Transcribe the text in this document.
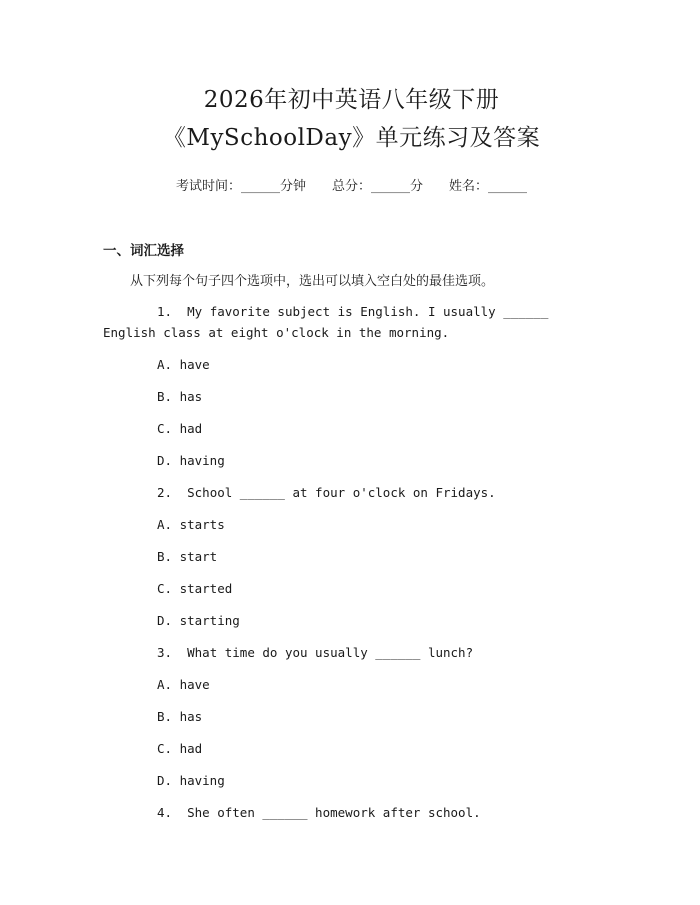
2026年初中英语八年级下册
《MySchoolDay》单元练习及答案
考试时间：______分钟 总分：______分 姓名：______
一、词汇选择
从下列每个句子四个选项中，选出可以填入空白处的最佳选项。
1. My favorite subject is English. I usually ______ English class at eight o'clock in the morning.
A. have
B. has
C. had
D. having
2. School ______ at four o'clock on Fridays.
A. starts
B. start
C. started
D. starting
3. What time do you usually ______ lunch?
A. have
B. has
C. had
D. having
4. She often ______ homework after school.
